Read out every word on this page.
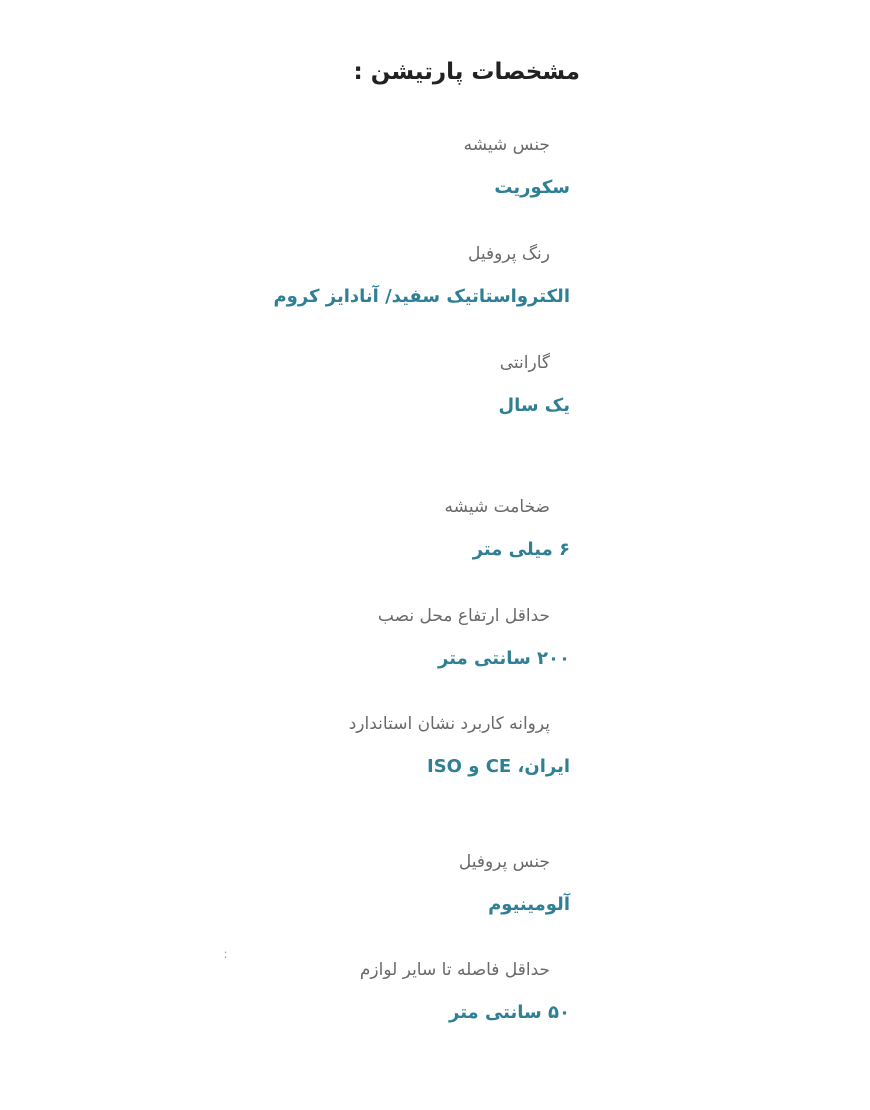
مشخصات پارتیشن :
جنس شیشه
سکوریت
رنگ پروفیل
الکترواستاتیک سفید/ آنادایز کروم
گارانتی
یک سال
ضخامت شیشه
۶ میلی متر
حداقل ارتفاع محل نصب
۲۰۰ سانتی متر
پروانه کاربرد نشان استاندارد
ایران، CE و ISO
جنس پروفیل
آلومینیوم
حداقل فاصله تا سایر لوازم
۵۰ سانتی متر
∶
